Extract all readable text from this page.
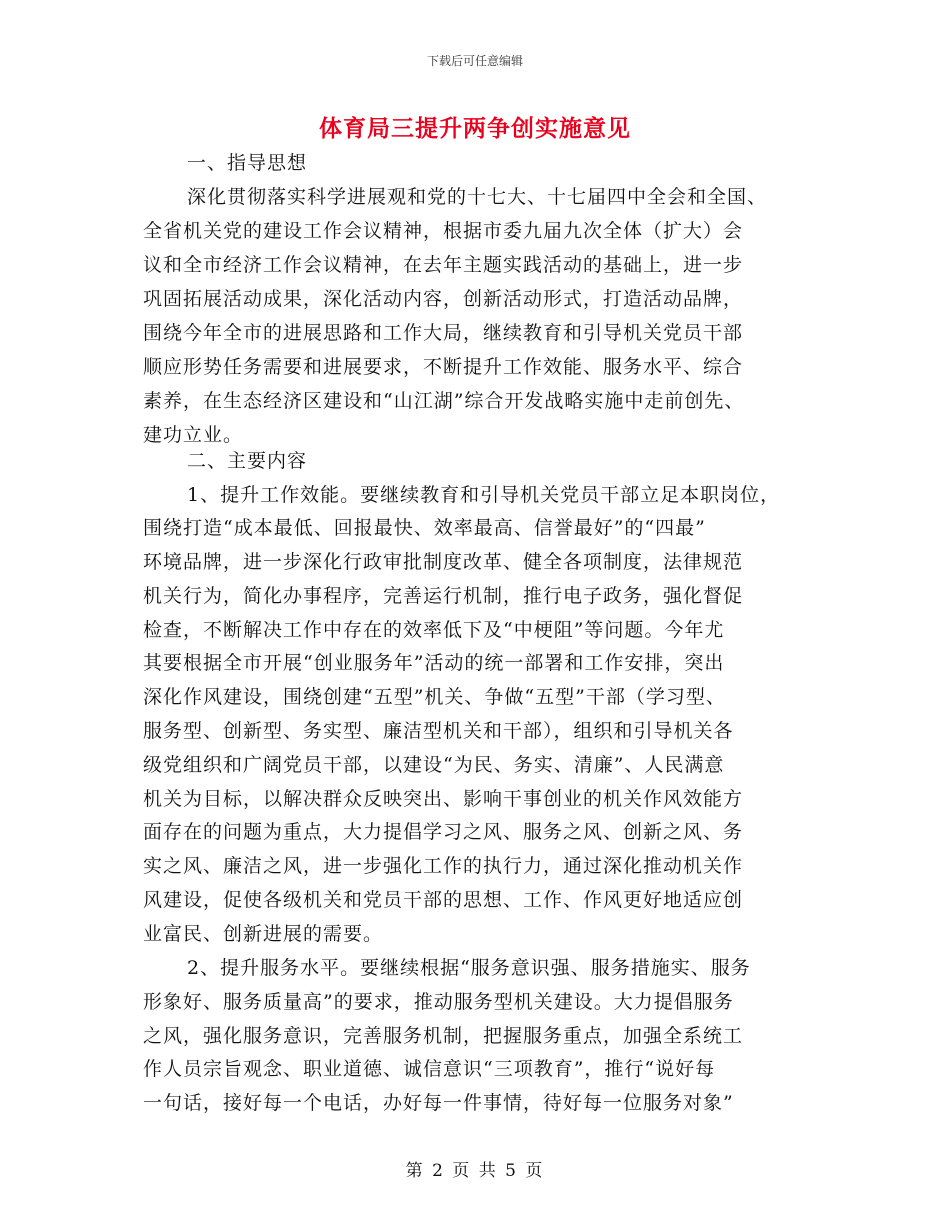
下载后可任意编辑
体育局三提升两争创实施意见
一、指导思想
深化贯彻落实科学进展观和党的十七大、十七届四中全会和全国、
全省机关党的建设工作会议精神，根据市委九届九次全体（扩大）会
议和全市经济工作会议精神，在去年主题实践活动的基础上，进一步
巩固拓展活动成果，深化活动内容，创新活动形式，打造活动品牌，
围绕今年全市的进展思路和工作大局，继续教育和引导机关党员干部
顺应形势任务需要和进展要求，不断提升工作效能、服务水平、综合
素养，在生态经济区建设和“山江湖”综合开发战略实施中走前创先、
建功立业。
二、主要内容
1、提升工作效能。要继续教育和引导机关党员干部立足本职岗位，
围绕打造“成本最低、回报最快、效率最高、信誉最好”的“四最”
环境品牌，进一步深化行政审批制度改革、健全各项制度，法律规范
机关行为，简化办事程序，完善运行机制，推行电子政务，强化督促
检查，不断解决工作中存在的效率低下及“中梗阻”等问题。今年尤
其要根据全市开展“创业服务年”活动的统一部署和工作安排，突出
深化作风建设，围绕创建“五型”机关、争做“五型”干部（学习型、
服务型、创新型、务实型、廉洁型机关和干部），组织和引导机关各
级党组织和广阔党员干部，以建设“为民、务实、清廉”、人民满意
机关为目标，以解决群众反映突出、影响干事创业的机关作风效能方
面存在的问题为重点，大力提倡学习之风、服务之风、创新之风、务
实之风、廉洁之风，进一步强化工作的执行力，通过深化推动机关作
风建设，促使各级机关和党员干部的思想、工作、作风更好地适应创
业富民、创新进展的需要。
2、提升服务水平。要继续根据“服务意识强、服务措施实、服务
形象好、服务质量高”的要求，推动服务型机关建设。大力提倡服务
之风，强化服务意识，完善服务机制，把握服务重点，加强全系统工
作人员宗旨观念、职业道德、诚信意识“三项教育”，推行“说好每
一句话，接好每一个电话，办好每一件事情，待好每一位服务对象”
第 2 页 共 5 页
